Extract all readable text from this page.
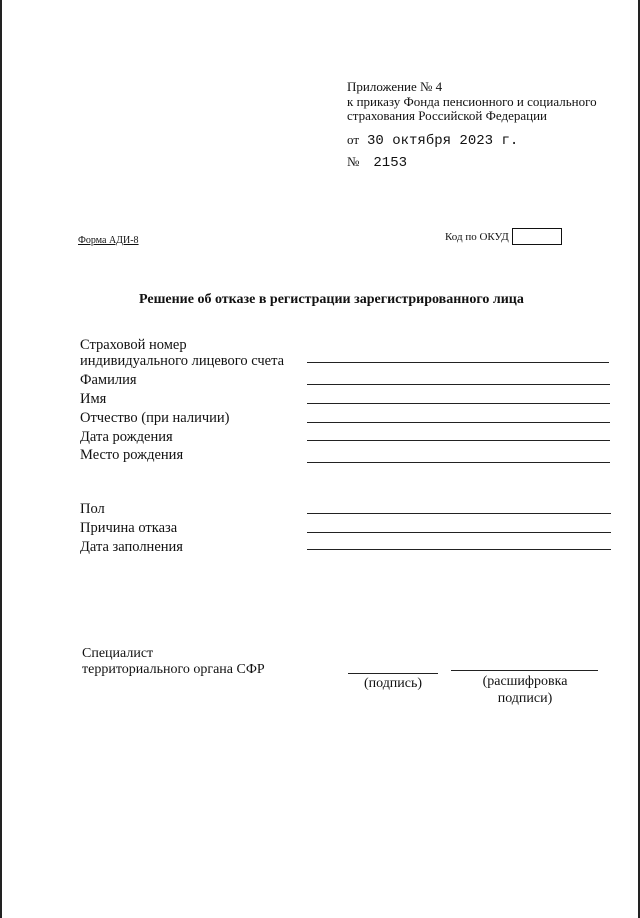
Приложение № 4
к приказу Фонда пенсионного и социального
страхования Российской Федерации
от 30 октября 2023 г.
№ 2153
Форма АДИ-8	Код по ОКУД
Решение об отказе в регистрации зарегистрированного лица
Страховой номер
индивидуального лицевого счета
Фамилия
Имя
Отчество (при наличии)
Дата рождения
Место рождения
Пол
Причина отказа
Дата заполнения
Специалист
территориального органа СФР
(подпись)	(расшифровка
подписи)
